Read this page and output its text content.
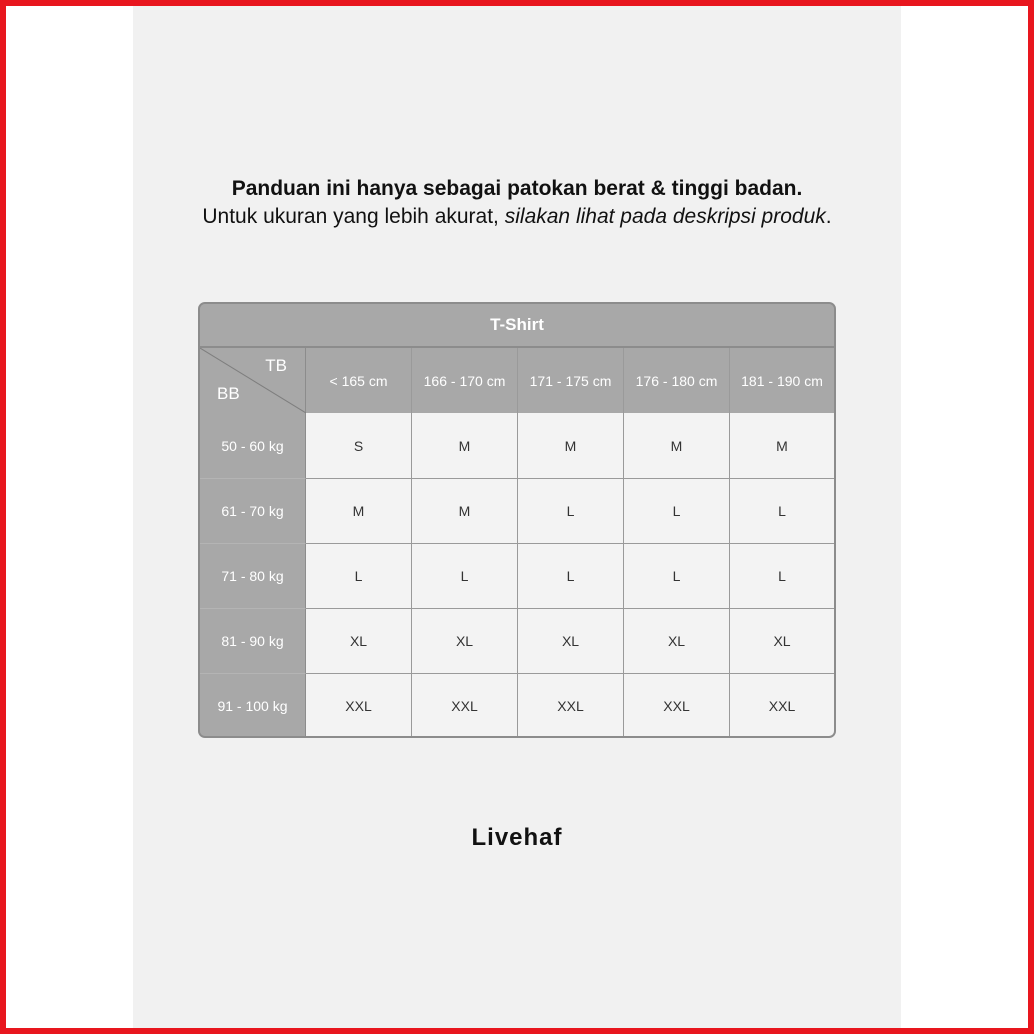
Panduan ini hanya sebagai patokan berat & tinggi badan.
Untuk ukuran yang lebih akurat, silakan lihat pada deskripsi produk.
T-Shirt
TB
BB
< 165 cm	166 - 170 cm	171 - 175 cm	176 - 180 cm	181 - 190 cm
50 - 60 kg	S	M	M	M	M
61 - 70 kg	M	M	L	L	L
71 - 80 kg	L	L	L	L	L
81 - 90 kg	XL	XL	XL	XL	XL
91 - 100 kg	XXL	XXL	XXL	XXL	XXL
Livehaf
